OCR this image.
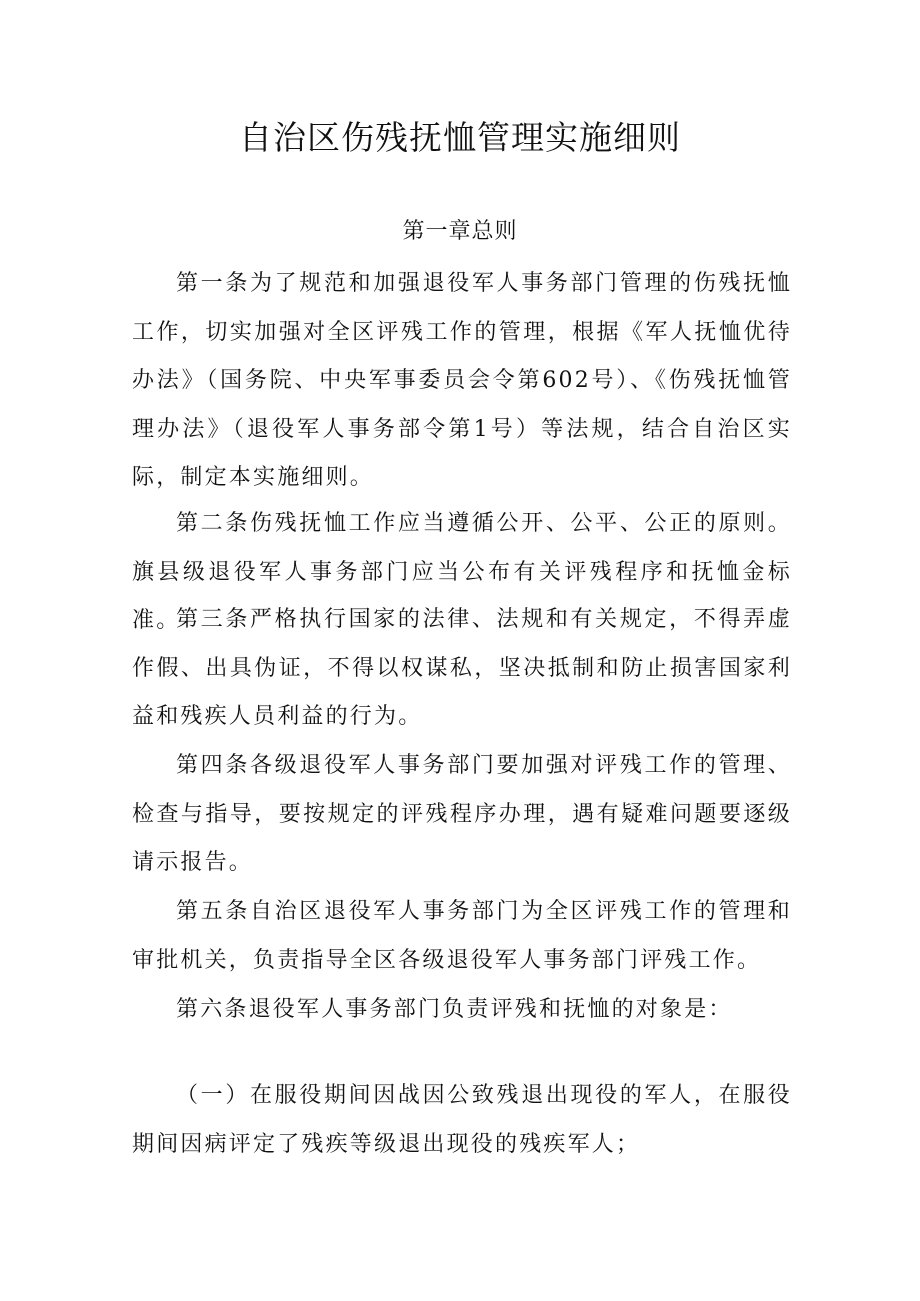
自治区伤残抚恤管理实施细则
第一章总则

第一条为了规范和加强退役军人事务部门管理的伤残抚恤工作，切实加强对全区评残工作的管理，根据《军人抚恤优待办法》（国务院、中央军事委员会令第602号）、《伤残抚恤管理办法》（退役军人事务部令第1号）等法规，结合自治区实际，制定本实施细则。

第二条伤残抚恤工作应当遵循公开、公平、公正的原则。旗县级退役军人事务部门应当公布有关评残程序和抚恤金标准。

第三条严格执行国家的法律、法规和有关规定，不得弄虚作假、出具伪证，不得以权谋私，坚决抵制和防止损害国家利益和残疾人员利益的行为。

第四条各级退役军人事务部门要加强对评残工作的管理、检查与指导，要按规定的评残程序办理，遇有疑难问题要逐级请示报告。

第五条自治区退役军人事务部门为全区评残工作的管理和审批机关，负责指导全区各级退役军人事务部门评残工作。

第六条退役军人事务部门负责评残和抚恤的对象是：

（一）在服役期间因战因公致残退出现役的军人，在服役期间因病评定了残疾等级退出现役的残疾军人；
